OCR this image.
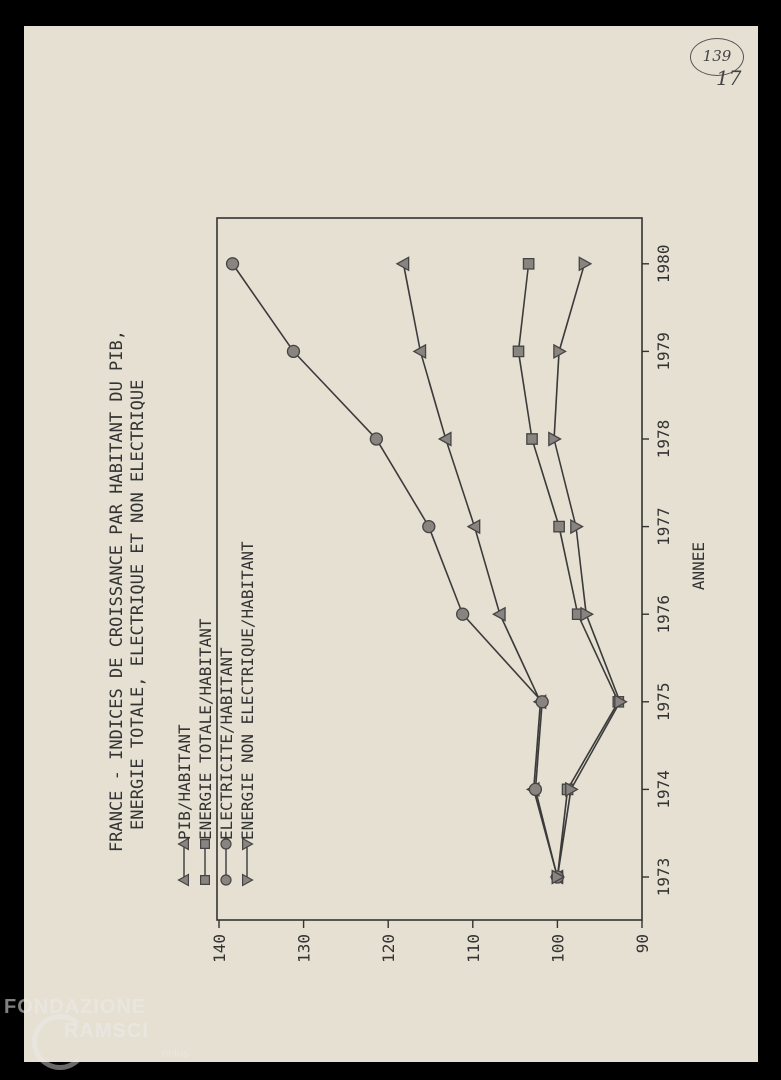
139
17
FRANCE - INDICES DE CROISSANCE PAR HABITANT DU PIB, ENERGIE TOTALE, ELECTRIQUE ET NON ELECTRIQUE
90
100
110
120
130
140
1973
1974
1975
1976
1977
1978
1979
1980
ANNEE
PIB/HABITANT ENERGIE TOTALE/HABITANT ELECTRICITE/HABITANT ENERGIE NON ELECTRIQUE/HABITANT
FONDAZIONE
RAMSCI
onlus
